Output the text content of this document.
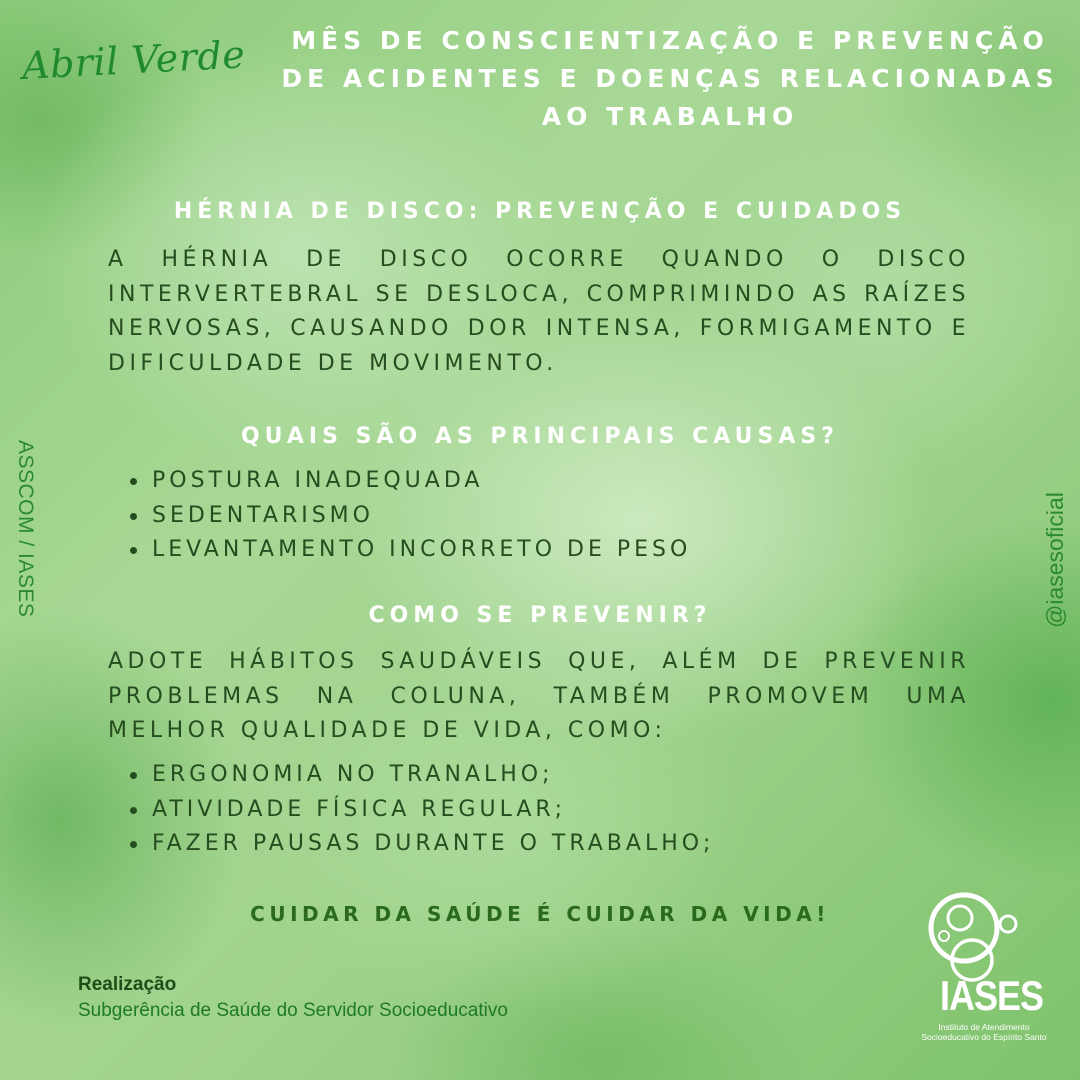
Abril Verde	MÊS DE CONSCIENTIZAÇÃO E PREVENÇÃO DE ACIDENTES E DOENÇAS RELACIONADAS AO TRABALHO
HÉRNIA DE DISCO: PREVENÇÃO E CUIDADOS
A HÉRNIA DE DISCO OCORRE QUANDO O DISCO INTERVERTEBRAL SE DESLOCA, COMPRIMINDO AS RAÍZES NERVOSAS, CAUSANDO DOR INTENSA, FORMIGAMENTO E DIFICULDADE DE MOVIMENTO.
QUAIS SÃO AS PRINCIPAIS CAUSAS?
POSTURA INADEQUADA
SEDENTARISMO
LEVANTAMENTO INCORRETO DE PESO
COMO SE PREVENIR?
ADOTE HÁBITOS SAUDÁVEIS QUE, ALÉM DE PREVENIR PROBLEMAS NA COLUNA, TAMBÉM PROMOVEM UMA MELHOR QUALIDADE DE VIDA, COMO:
ERGONOMIA NO TRANALHO;
ATIVIDADE FÍSICA REGULAR;
FAZER PAUSAS DURANTE O TRABALHO;
CUIDAR DA SAÚDE É CUIDAR DA VIDA!
Realização
Subgerência de Saúde do Servidor Socioeducativo
ASSCOM / IASES	@iasesoficial
IASES
Instituto de Atendimento
Socioeducativo do Espírito Santo
